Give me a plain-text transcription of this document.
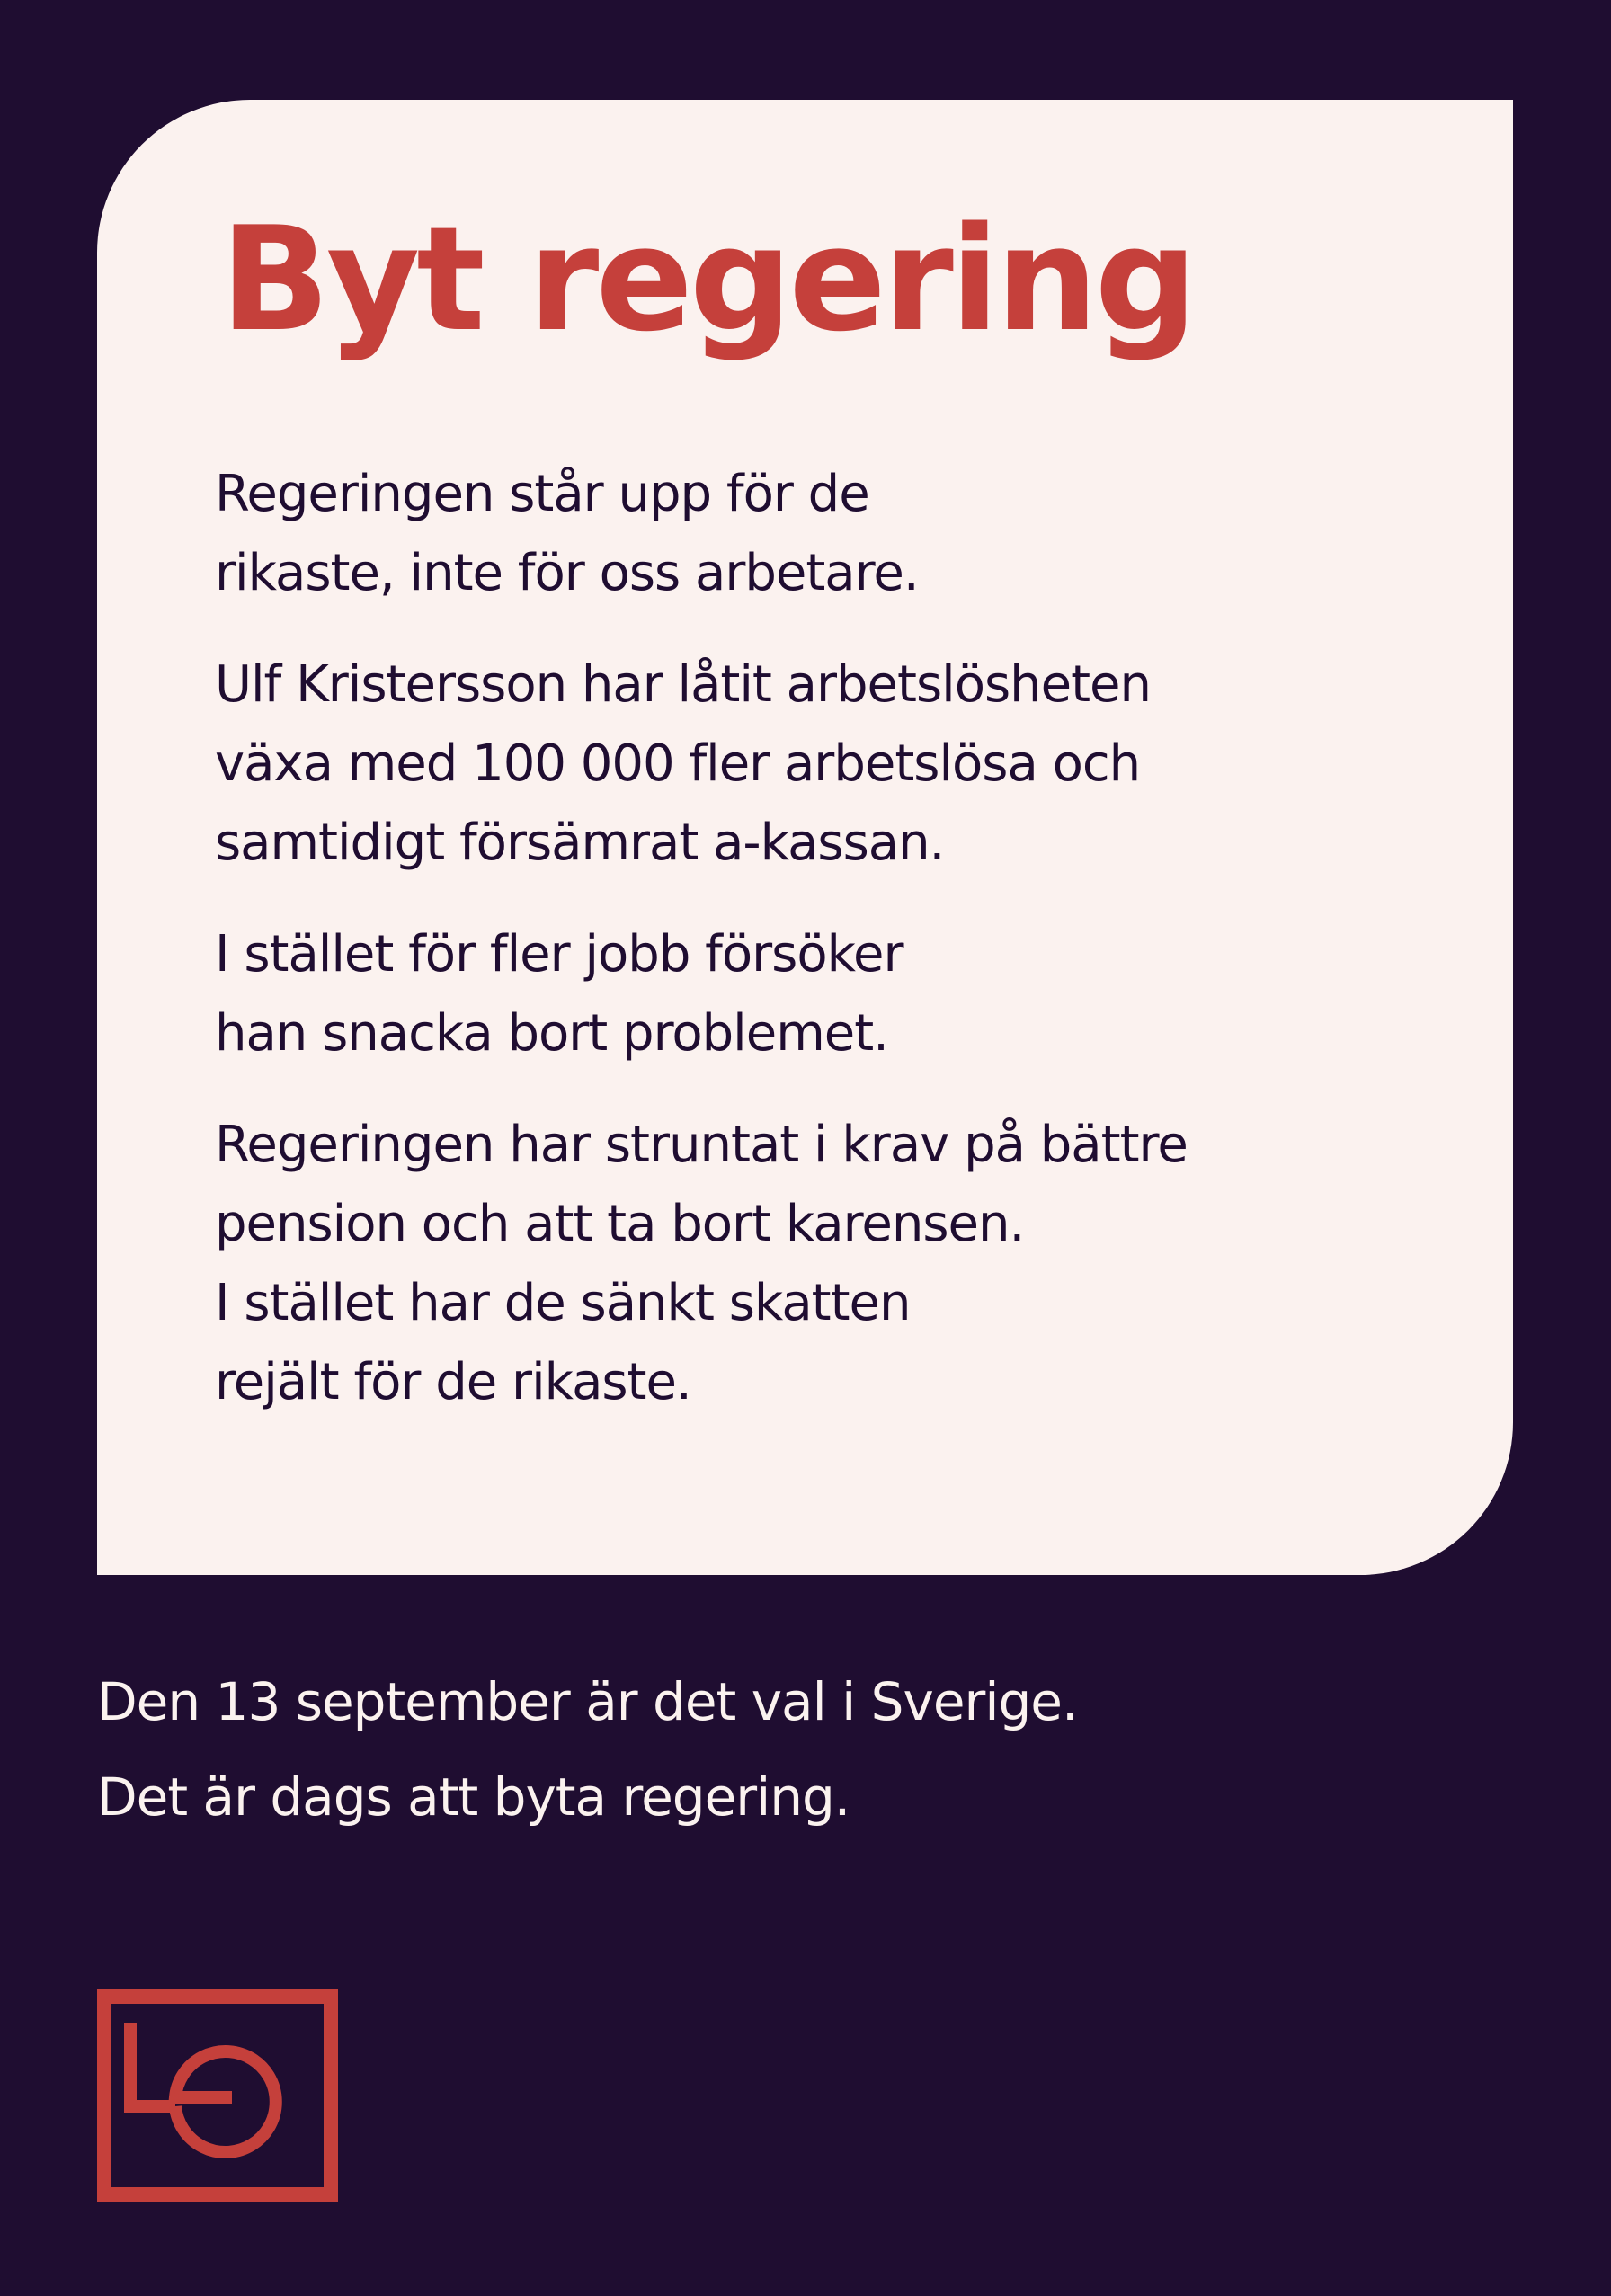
Byt regering

Regeringen står upp för de
rikaste, inte för oss arbetare.

Ulf Kristersson har låtit arbetslösheten
växa med 100 000 fler arbetslösa och
samtidigt försämrat a-kassan.

I stället för fler jobb försöker
han snacka bort problemet.

Regeringen har struntat i krav på bättre
pension och att ta bort karensen.
I stället har de sänkt skatten
rejält för de rikaste.

Den 13 september är det val i Sverige.

Det är dags att byta regering.
